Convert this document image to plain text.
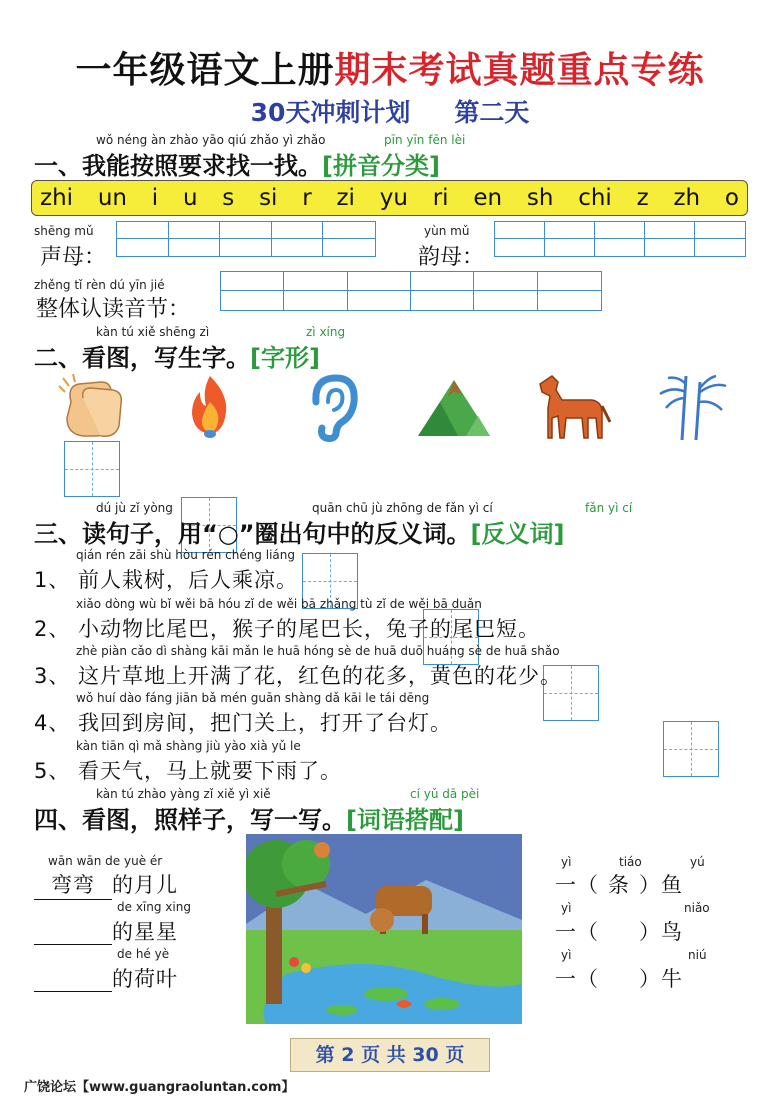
一年级语文上册期末考试真题重点专练
30天冲刺计划 第二天
wǒ néng àn zhào yāo qiú zhǎo yì zhǎo	pīn yīn fēn lèi
一、我能按照要求找一找。[拼音分类]
zhi un i u s si r zi yu ri en sh chi z zh o
shēng mǔ
声母：
yùn mǔ
韵母：
zhěng tǐ rèn dú yīn jié
整体认读音节：
kàn tú xiě shēng zì	zì xíng
二、看图，写生字。[字形]
dú jù zǐ yòng	quān chū jù zhōng de fǎn yì cí	fǎn yì cí
三、读句子，用“○”圈出句中的反义词。[反义词]
qián rén zāi shù hòu rén chéng liáng
1、 前人栽树，后人乘凉。
xiǎo dòng wù bǐ wěi bā hóu zǐ de wěi bā zhǎng tù zǐ de wěi bā duǎn
2、 小动物比尾巴，猴子的尾巴长，兔子的尾巴短。
zhè piàn cǎo dì shàng kāi mǎn le huā hóng sè de huā duō huáng sè de huā shǎo
3、 这片草地上开满了花，红色的花多，黄色的花少。
wǒ huí dào fáng jiān bǎ mén guān shàng dǎ kāi le tái dēng
4、 我回到房间，把门关上，打开了台灯。
kàn tiān qì mǎ shàng jiù yào xià yǔ le
5、 看天气，马上就要下雨了。
kàn tú zhào yàng zǐ xiě yì xiě	cí yǔ dā pèi
四、看图，照样子，写一写。[词语搭配]
wān wān de yuè ér
弯弯 的月儿
de xīng xing
的星星
de hé yè
的荷叶
yì	tiáo	yú
一（ 条 ）鱼
yì	niǎo
一（ ）鸟
yì	niú
一（ ）牛
第 2 页 共 30 页
广饶论坛【www.guangraoluntan.com】
